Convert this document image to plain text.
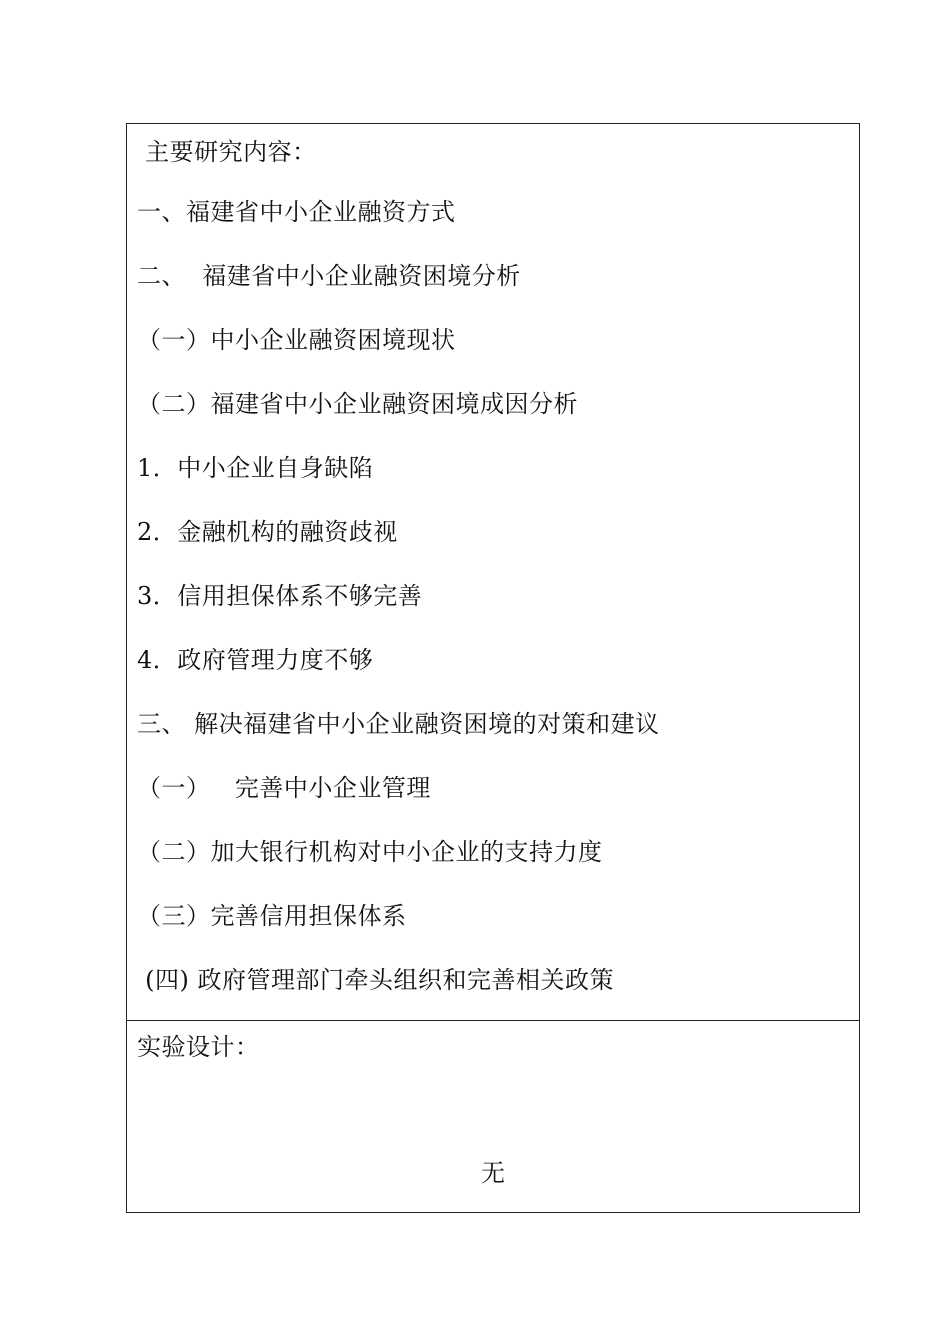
主要研究内容：
一、福建省中小企业融资方式
二、  福建省中小企业融资困境分析
（一）中小企业融资困境现状
（二）福建省中小企业融资困境成因分析
1．中小企业自身缺陷
2．金融机构的融资歧视
3．信用担保体系不够完善
4．政府管理力度不够
三、 解决福建省中小企业融资困境的对策和建议
（一）   完善中小企业管理
（二）加大银行机构对中小企业的支持力度
（三）完善信用担保体系
(四) 政府管理部门牵头组织和完善相关政策
实验设计：
无
